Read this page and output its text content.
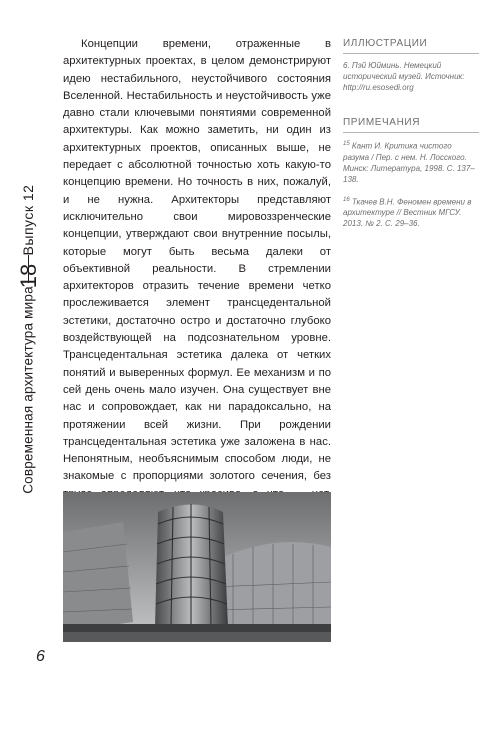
Выпуск 12
18
Современная архитектура мира

Концепции времени, отраженные в архитектурных проектах, в целом демонстрируют идею нестабильного, неустойчивого состояния Вселенной. Нестабильность и неустойчивость уже давно стали ключевыми понятиями современной архитектуры. Как можно заметить, ни один из архитектурных проектов, описанных выше, не передает с абсолютной точностью хоть какую-то концепцию времени. Но точность в них, пожалуй, и не нужна. Архитекторы представляют исключительно свои мировоззренческие концепции, утверждают свои внутренние посылы, которые могут быть весьма далеки от объективной реальности. В стремлении архитекторов отразить течение времени четко прослеживается элемент трансцедентальной эстетики, достаточно остро и достаточно глубоко воздействующей на подсознательном уровне. Трансцедентальная эстетика далека от четких понятий и выверенных формул. Ее механизм и по сей день очень мало изучен. Она существует вне нас и сопровождает, как ни парадоксально, на протяжении всей жизни. При рождении трансцедентальная эстетика уже заложена в нас. Непонятным, необъяснимым способом люди, не знакомые с пропорциями золотого сечения, без

ИЛЛЮСТРАЦИИ
6. Пэй Юйминь. Немецкий исторический музей. Источник: http://ru.esosedi.org
ПРИМЕЧАНИЯ
$^{15}$ Кант И. Критика чистого разума / Пер. с нем. Н. Лосского. Минск: Литература, 1998. С. 137–138.
$^{16}$ Ткачев В.Н. Феномен времени в архитектуре // Вестник МГСУ. 2013. № 2. С. 29–36.
6
